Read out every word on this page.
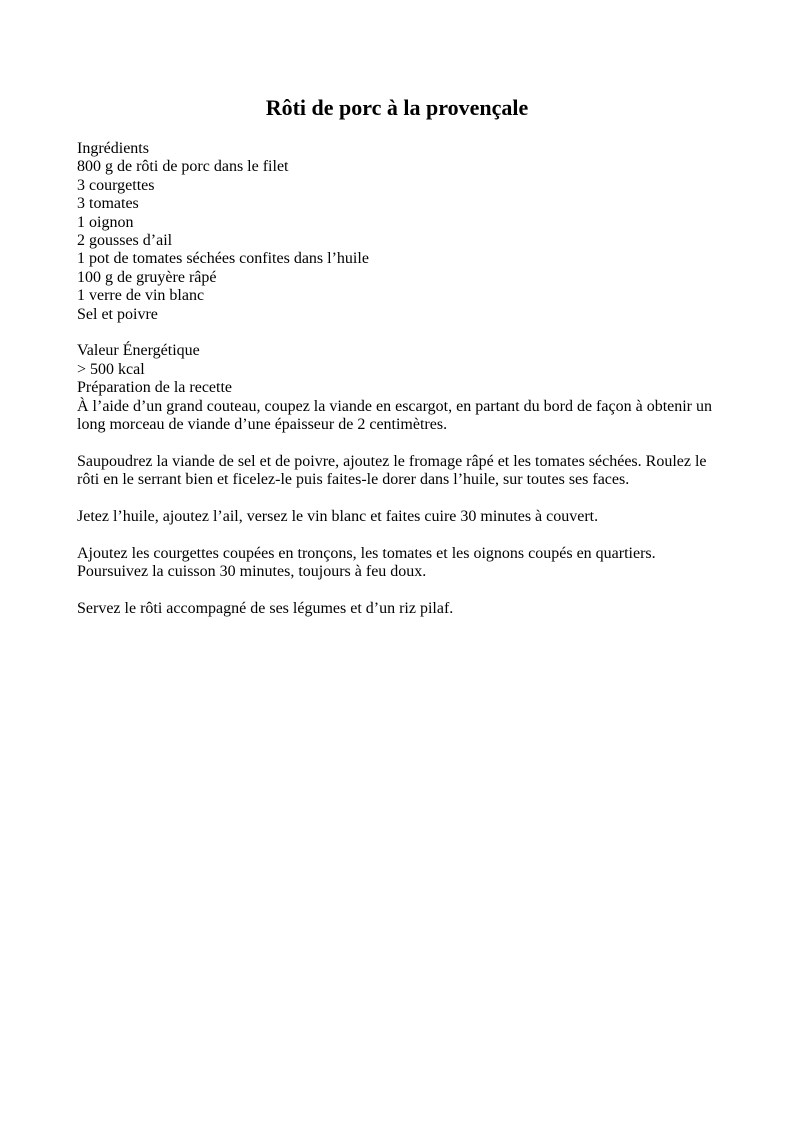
Rôti de porc à la provençale
Ingrédients
800 g de rôti de porc dans le filet
3 courgettes
3 tomates
1 oignon
2 gousses d’ail
1 pot de tomates séchées confites dans l’huile
100 g de gruyère râpé
1 verre de vin blanc
Sel et poivre
Valeur Énergétique
> 500 kcal
Préparation de la recette

À l’aide d’un grand couteau, coupez la viande en escargot, en partant du bord de façon à obtenir un long morceau de viande d’une épaisseur de 2 centimètres.

Saupoudrez la viande de sel et de poivre, ajoutez le fromage râpé et les tomates séchées. Roulez le rôti en le serrant bien et ficelez-le puis faites-le dorer dans l’huile, sur toutes ses faces.

Jetez l’huile, ajoutez l’ail, versez le vin blanc et faites cuire 30 minutes à couvert.

Ajoutez les courgettes coupées en tronçons, les tomates et les oignons coupés en quartiers. Poursuivez la cuisson 30 minutes, toujours à feu doux.

Servez le rôti accompagné de ses légumes et d’un riz pilaf.
